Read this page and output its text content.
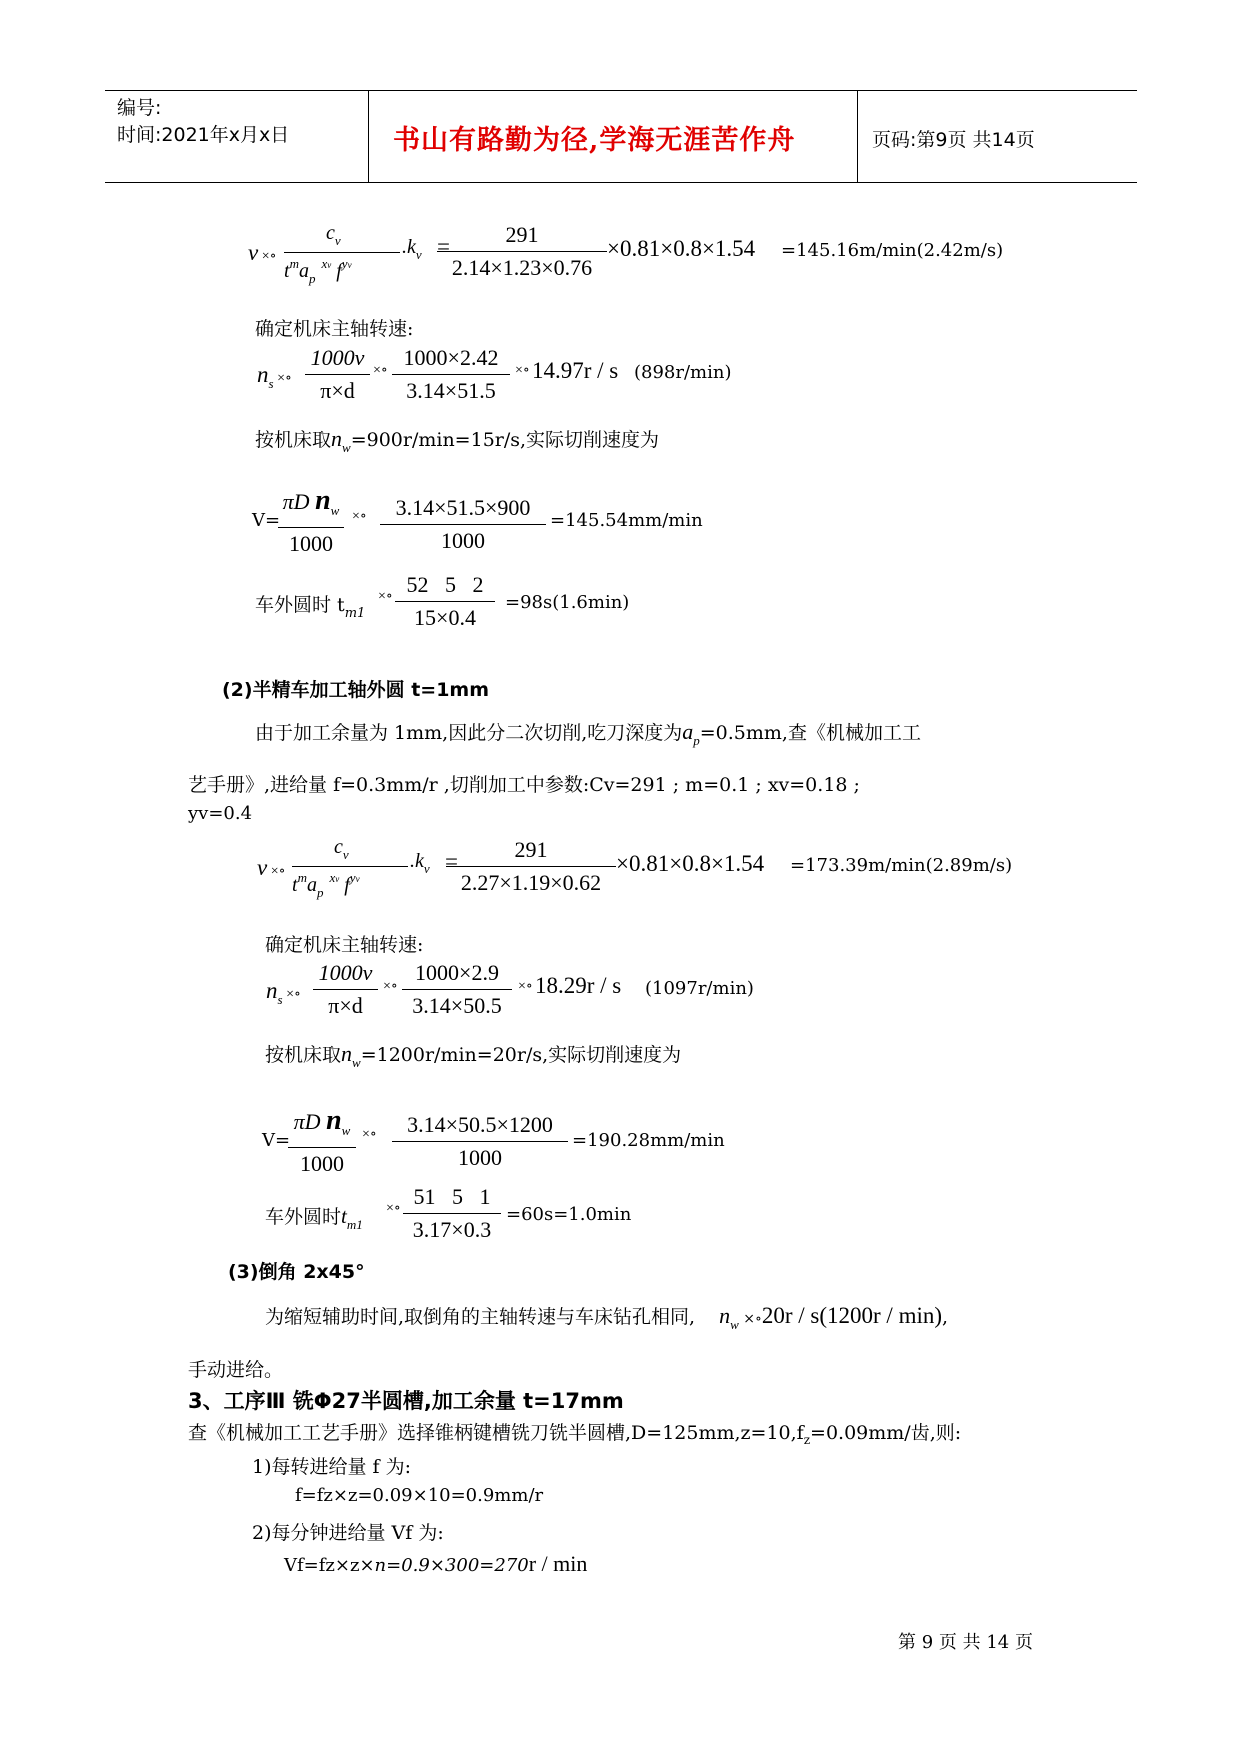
编号:
时间:2021年x月x日	书山有路勤为径,学海无涯苦作舟	页码:第9页 共14页
v ×∘
$c_v$
$t^ma_p^{xv}$ $f^{yv}$
$.k_v$ =	291
2.14×1.23×0.76
×0.81×0.8×1.54 =145.16m/min(2.42m/s)
确定机床主轴转速:
$n_s$ ×∘
1000v
π×d
×∘
1000×2.42
3.14×51.5
×∘ 14.97r / s (898r/min)
按机床取$n_w=900r/\min=15r/s$,实际切削速度为
V=
πD $n_w$
1000
×∘	3.14×51.5×900
1000
=145.54mm/min
车外圆时 $t_{m1}$
×∘ 52   5   2
15×0.4
=98s(1.6min)
(2)半精车加工轴外圆 t=1mm
由于加工余量为 1mm,因此分二次切削,吃刀深度为$a_p=0.5mm$,查《机械加工工
艺手册》,进给量 f=0.3mm/r ,切削加工中参数:Cv=291 ; m=0.1 ; xv=0.18 ;
yv=0.4
v ×∘
$c_v$
$t^ma_p^{xv}$ $f^{yv}$
$.k_v$ =	291
2.27×1.19×0.62
×0.81×0.8×1.54 =173.39m/min(2.89m/s)
确定机床主轴转速:
$n_s$ ×∘
1000v
π×d
×∘
1000×2.9
3.14×50.5
×∘ 18.29r / s (1097r/min)
按机床取$n_w=1200r/\min=20r/s$,实际切削速度为
V=
πD $n_w$
1000
×∘	3.14×50.5×1200
1000
=190.28mm/min
车外圆时$t_{m1}$
×∘ 51   5   1
3.17×0.3
=60s=1.0min
(3)倒角 2x45°
为缩短辅助时间,取倒角的主轴转速与车床钻孔相同, $n_w$ ×∘20r / s(1200r / min),
手动进给。
3、工序Ⅲ 铣Φ27半圆槽,加工余量 t=17mm
查《机械加工工艺手册》选择锥柄键槽铣刀铣半圆槽$,D=125mm,z=10,f_z=0.09mm/$齿,则:
1)每转进给量 f 为:
f=fz×z=0.09×10=0.9mm/r
2)每分钟进给量 Vf 为:
Vf=fz×z×n=0.9×300=270r / min
第 9 页 共 14 页
